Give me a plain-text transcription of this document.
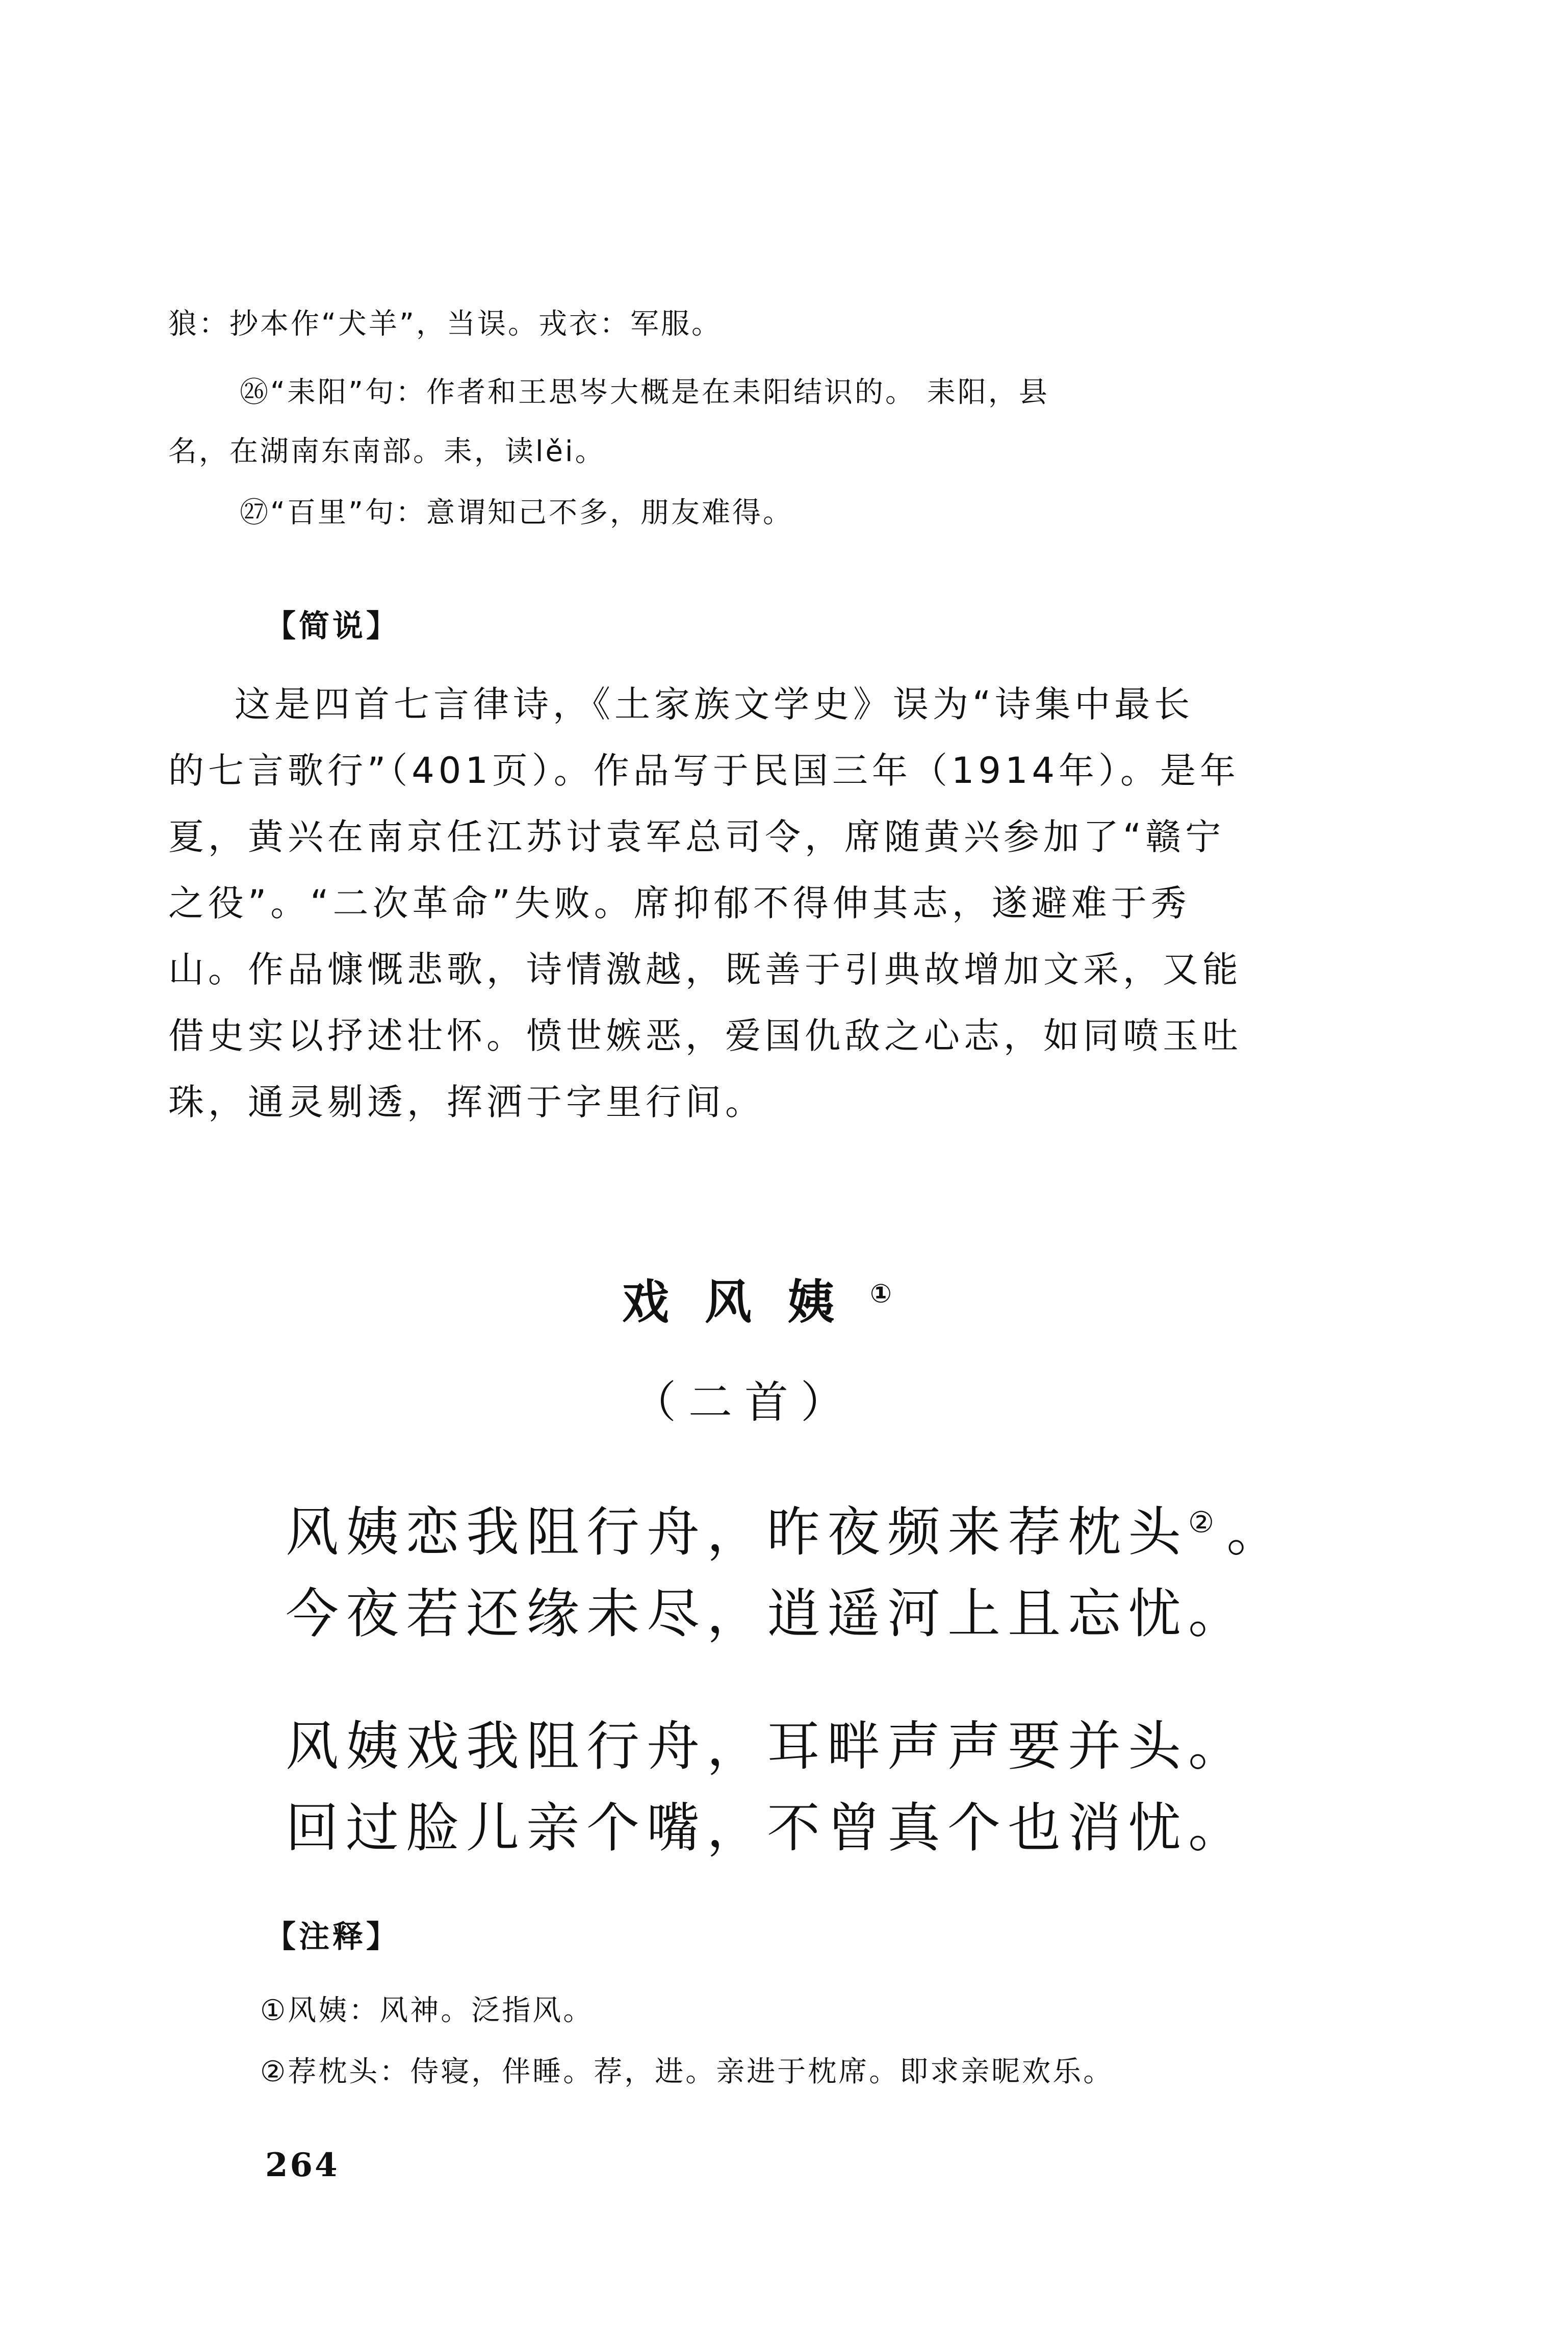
狼：抄本作“犬羊”，当误。戎衣：军服。
㉖“耒阳”句：作者和王思岑大概是在耒阳结识的。 耒阳，县
名，在湖南东南部。耒，读lěi。
㉗“百里”句：意谓知己不多，朋友难得。
【简说】
这是四首七言律诗，《土家族文学史》误为“诗集中最长
的七言歌行”（401页）。作品写于民国三年（1914年）。是年
夏，黄兴在南京任江苏讨袁军总司令，席随黄兴参加了“赣宁
之役”。“二次革命”失败。席抑郁不得伸其志，遂避难于秀
山。作品慷慨悲歌，诗情激越，既善于引典故增加文采，又能
借史实以抒述壮怀。愤世嫉恶，爱国仇敌之心志，如同喷玉吐
珠，通灵剔透，挥洒于字里行间。
戏风姨①
（二首）
风姨恋我阻行舟，昨夜频来荐枕头② 。
今夜若还缘未尽，逍遥河上且忘忧。
风姨戏我阻行舟，耳畔声声要并头。
回过脸儿亲个嘴，不曾真个也消忧。
【注释】
①风姨：风神。泛指风。
②荐枕头：侍寝，伴睡。荐，进。亲进于枕席。即求亲昵欢乐。
264
